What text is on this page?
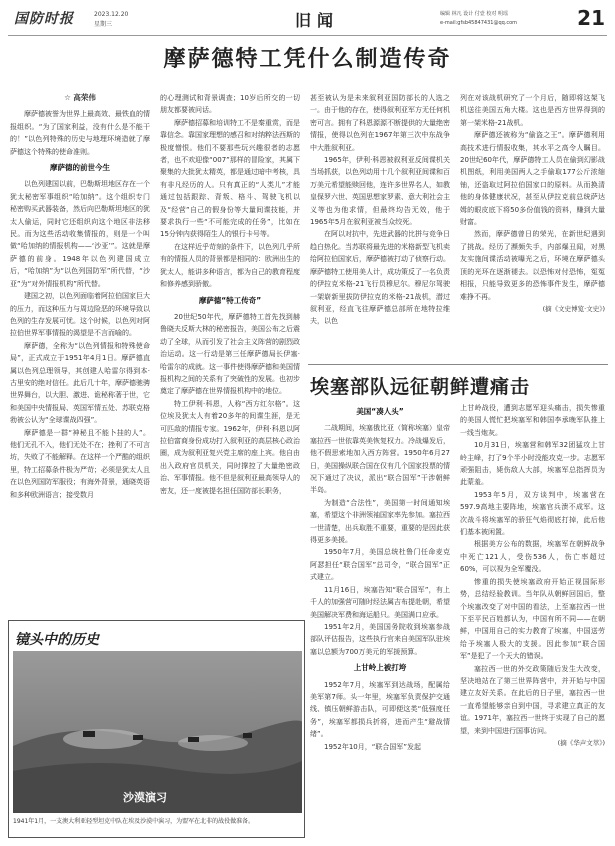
国防时报	2023.12.20
星期三	旧闻	编辑 林凡 设计 付壹 校对 明瑶
e-mail:gfsb45847431@qq.com	21
摩萨德特工凭什么制造传奇

☆ 高荣伟

摩萨德被誉为世界上最高效、最铁血的情报组织。“为了国家利益，没有什么是不能干的！”以色列特殊的历史与地理环境造就了摩萨德这个特殊的使命准则。

摩萨德的前世今生

以色列建国以前，巴勒斯坦地区存在一个犹太秘密军事组织“哈加纳”。这个组织专门秘密购买武器装备，然后向巴勒斯坦地区的犹太人偷运，同时它还组织向这个地区非法移民。而为这些活动收集情报的，则是一个叫做“哈加纳的情报机构——‘沙亚’”。这就是摩萨德的前身。1948年以色列建国成立后，“哈加纳”为“以色列国防军”所代替，“沙亚”为“对外情报机构”所代替。

建国之初，以色列面临着阿拉伯国家巨大的压力，而这种压力与周边险恶的环境导致以色列的生存发展可忧。这个时候，以色列对阿拉伯世界军事情报的渴望是不言而喻的。

摩萨德，全称为“以色列情报和特殊使命局”，正式成立于1951年4月1日。摩萨德直属以色列总理领导，其创建人哈雷尔得到本·古里安的绝对信任。此后几十年，摩萨德驰骋世界舞台，以大胆、激进、诡秘称著于世，它和美国中央情报局、英国军情五处、苏联克格勃被公认为“全球谍战四强”。

摩萨德是一群“神秘且不能卜挂的人”。他们无孔不入，他们无处不在；挫利了不可言坊，失败了不能解释。在这样一个严酷的组织里，特工招募条件极为严苛；必须是犹太人且在以色列国防军服役；有海外背景，通晓英语和多种欧洲语言；接受数月

的心理测试和背景调查；10岁后所交的一切朋友都要被问话。

摩萨德招募和培训特工不是秦重赏，而是靠信念。靠国家理想的感召和对纳粹法西斯的极度憎恨。他们不要那些玩兴趣很者的志愿者，也不欢迎像“007”那样的冒险家，其属下聚集的大批犹太精英，都是通过暗中考核，具有非凡经历的人。只有真正的“人类儿”才能通过包括跟踪、背叛、格斗、驾驶飞机以及“经营”自己的假身份等大量间谍技能，并要求执行一些“不可能完成的任务”，比如在15分钟内获得陌生人的银行卡号等。

在这样近乎苛刻的条件下，以色列几乎所有的情报人员的背景都是相同的：欧洲出生的犹太人，能讲多种语言，都为自己的教育程度和修养感到骄傲。

摩萨德“特工传奇”

20世纪50年代，摩萨德特工首先找到赫鲁晓夫反斯大林的秘密报告，美国公布之后震动了全球，从而引发了社会主义阵营的剧烈政治运动。这一行动是第三任摩萨德局长伊塞·哈雷尔的成就。这一事件使得摩萨德和美国情报机构之间的关系有了突破性的发展。也初步奠定了摩萨德在世界情报机构中的地位。

特工伊利·科恩，人称“西方红尔格”。这位埃及犹太人有着20多年的间谍生涯，是无可匹敌的情报专家。1962年，伊利·科恩以阿拉伯富商身份成功打入叙利亚的高层核心政治圈，成为叙利亚复兴党主席的座上宾。他自由出入政府官员机关，同时撑控了大量绝密政治、军事情报。他不但是叙利亚最高领导人的密友，还一度被提名担任国防部长职务，

甚至被认为是未来叙利亚国防部长的人选之一。由于他的存在，使得叙利亚军方无任何机密可言。拥有了科恩源源不断提供的大量绝密情报，使得以色列在1967年第三次中东战争中大胜叙利亚。

1965年，伊利·科恩被叙利亚反间谍机关当场抓获，以色列动用十几个叙利亚间谍和百万美元希望能赎回他，连许多世界名人，如教皇保罗六世、英国思想家罗素、意大利社会主义等也为他求情，但最终均告无效，他于1965年5月在叙利亚被当众绞死。

在阿以对抗中，先进武器的比拼与竞争日趋白热化。当苏联将最先进的米格新型飞机卖给阿拉伯国家后，摩萨德被打动了侦察行动。摩萨德特工使用美人计，成功策反了一名负责的伊拉克米格-21飞行员穆尼尔。穆尼尔驾驶一架崭新里拔防伊拉克的米格-21战机，潜过叙利亚，经直飞往摩萨德总部所在地特拉维夫，以色

列在对该战机研究了一个月后，随即将这架飞机送往美国五角大楼。这也是西方世界得到的第一架米格-21战机。

摩萨德还被称为“偷盗之王”。摩萨德利用高技术进行情报收集，其水平之高令人瞩目。20世纪60年代，摩萨德特工人员在偷到幻影战机图纸，利用美国两人之手偷取177公斤浓缩铀，还盗取过阿拉伯国家口的原料。从而换清他的身体健康状况，甚至从伊拉克前总统萨达姆的眼皮底下将50多份值钱的资料，赚到大量财富。

然而，摩萨德曾日的荣光，在新世纪遇到了挑战。经历了濒频失手，内部爆丑闻，对黑友实施间谍活动被曝光之后，环境在摩萨德头顶的光环在逐渐褪去。以恐怖对付恐怖，冤冤相报，只能导致更多的恐怖事件发生，摩萨德难挣不再。

(摘《文史博览·文史》)

埃塞部队远征朝鲜遭痛击

美国“凑人头”

二战期间，埃塞俄比亚（简称埃塞）皇帝塞拉西一世依靠英美恢复权力。冷战爆发后，他不假思索地加入西方阵营。1950年6月27日，美国操纵联合国在仅有几个国家投票的情况下通过了决议，派出“联合国军”干涉朝鲜半岛。

为制造“合法性”，美国第一时间通知埃塞，希望这个非洲领袖国家率先参加。塞拉西一世清楚，出兵取胜不重要，重要的是因此获得更多美援。

1950年7月，美国总统杜鲁门任命麦克阿瑟担任“联合国军”总司令，“联合国军”正式建立。

11月16日，埃塞告知“联合国军”，有上千人的加强营可随时经法属吉布提赴朝，希望美国解决军费和海运船只。美国满口应承。

1951年2月，美国国务院收到埃塞参战部队评估报告，这些执行官来自美国军队驻埃塞以总额为700万美元的军援预算。

上甘岭上被打垮

1952年7月，埃塞军到达战场，配属给美军第7师。头一年里，埃塞军负责保护交通线、镇压朝鲜游击队，可即便这类“低强度任务”，埃塞军都损兵折将，进而产生“避战情绪”。

1952年10月，“联合国军”发起

上甘岭战役，遭到志愿军迎头痛击，损失惨重的美国人慌忙把埃塞军和韩国李承晚军队推上一线当炮灰。

10月31日，埃塞营和韩军32团猛攻上甘岭主峰，打了9个半小时没能攻克一步。志愿军顽强阻击，毙伤敌人大部，埃塞军总指挥员为此蒙羞。

1953年5月，双方谈判中，埃塞营在597.9高地主要阵地，埃塞官兵溃不成军。这次战斗将埃塞军的骄狂气焰彻底打掉，此后他们基本被闲置。

根据美方公布的数据，埃塞军在朝鲜战争中死亡121人，受伤536人，伤亡率超过60%，可以视为全军覆没。

惨重的损失使埃塞政府开始正视国际形势，总结经验教训。当年队从朝鲜回国后，整个埃塞改变了对中国的看法，上至塞拉西一世下至平民百姓都认为，中国有所不同——在朝鲜，中国用自己的实力教育了埃塞，中国送劳给予埃塞人极大的支援。因此参加“联合国军”是犯了一个天大的错误。

塞拉西一世的外交政策随后发生大改变，坚决地站在了第三世界阵营中，并开始与中国建立友好关系。在此后的日子里，塞拉西一世一直希望能够亲自到中国，寻求建立真正的友谊。1971年，塞拉西一世终于实现了自己的愿望，来到中国进行国事访问。

(摘《华声文萃》)

镜头中的历史
沙漠演习
1941年1月，一支澳大利亚轻型坦克中队在埃及沙漠中演习，为盟军在北非的战役做准备。
